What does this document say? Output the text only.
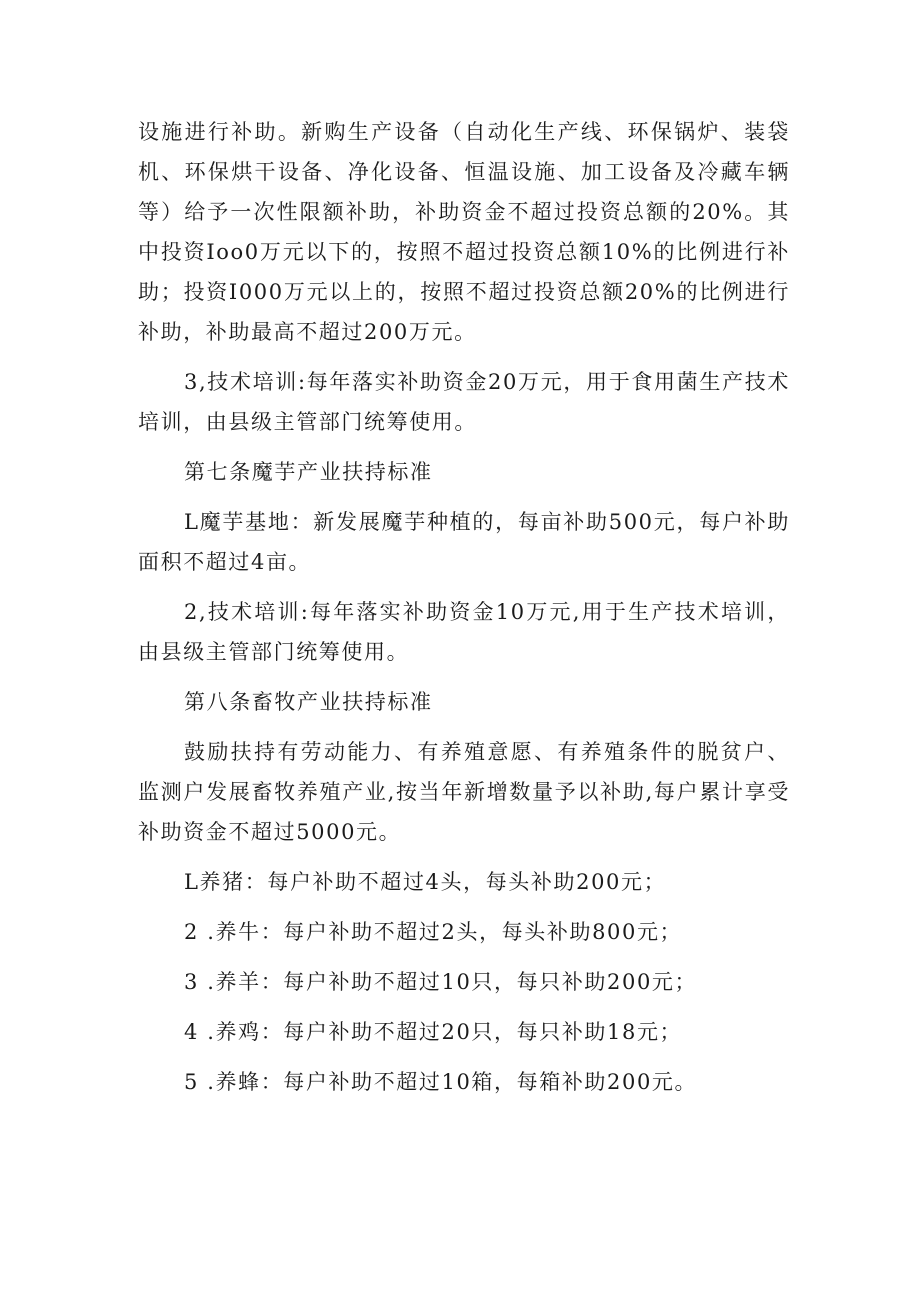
设施进行补助。新购生产设备（自动化生产线、环保锅炉、装袋机、环保烘干设备、净化设备、恒温设施、加工设备及冷藏车辆等）给予一次性限额补助，补助资金不超过投资总额的20%。其中投资Ioo0万元以下的，按照不超过投资总额10%的比例进行补助；投资I000万元以上的，按照不超过投资总额20%的比例进行补助，补助最高不超过200万元。

3,技术培训:每年落实补助资金20万元，用于食用菌生产技术培训，由县级主管部门统筹使用。

第七条魔芋产业扶持标准

L魔芋基地：新发展魔芋种植的，每亩补助500元，每户补助面积不超过4亩。

2,技术培训:每年落实补助资金10万元,用于生产技术培训，由县级主管部门统筹使用。

第八条畜牧产业扶持标准

鼓励扶持有劳动能力、有养殖意愿、有养殖条件的脱贫户、监测户发展畜牧养殖产业,按当年新增数量予以补助,每户累计享受补助资金不超过5000元。

L养猪：每户补助不超过4头，每头补助200元；

2 .养牛：每户补助不超过2头，每头补助800元；

3 .养羊：每户补助不超过10只，每只补助200元；

4 .养鸡：每户补助不超过20只，每只补助18元；

5 .养蜂：每户补助不超过10箱，每箱补助200元。
